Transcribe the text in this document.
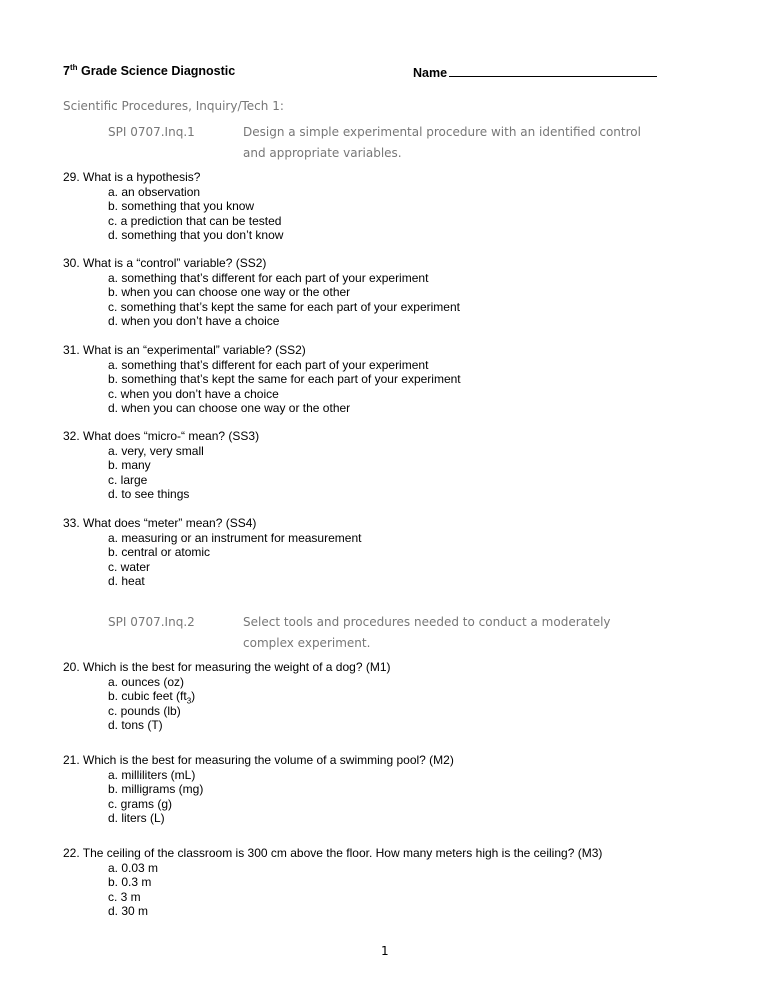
7th Grade Science Diagnostic	Name
Scientific Procedures, Inquiry/Tech 1:
SPI 0707.Inq.1	Design a simple experimental procedure with an identified control and appropriate variables.
29. What is a hypothesis?
a. an observation
b. something that you know
c. a prediction that can be tested
d. something that you don’t know
30. What is a “control” variable? (SS2)
a. something that’s different for each part of your experiment
b. when you can choose one way or the other
c. something that’s kept the same for each part of your experiment
d. when you don’t have a choice
31. What is an “experimental” variable? (SS2)
a. something that’s different for each part of your experiment
b. something that’s kept the same for each part of your experiment
c. when you don’t have a choice
d. when you can choose one way or the other
32. What does “micro-“ mean? (SS3)
a. very, very small
b. many
c. large
d. to see things
33. What does “meter” mean? (SS4)
a. measuring or an instrument for measurement
b. central or atomic
c. water
d. heat
SPI 0707.Inq.2	Select tools and procedures needed to conduct a moderately complex experiment.
20. Which is the best for measuring the weight of a dog? (M1)
a. ounces (oz)
b. cubic feet $(ft_3)$
c. pounds (lb)
d. tons (T)
21. Which is the best for measuring the volume of a swimming pool? (M2)
a. milliliters (mL)
b. milligrams (mg)
c. grams (g)
d. liters (L)
22. The ceiling of the classroom is 300 cm above the floor. How many meters high is the ceiling? (M3)
a. 0.03 m
b. 0.3 m
c. 3 m
d. 30 m
1
